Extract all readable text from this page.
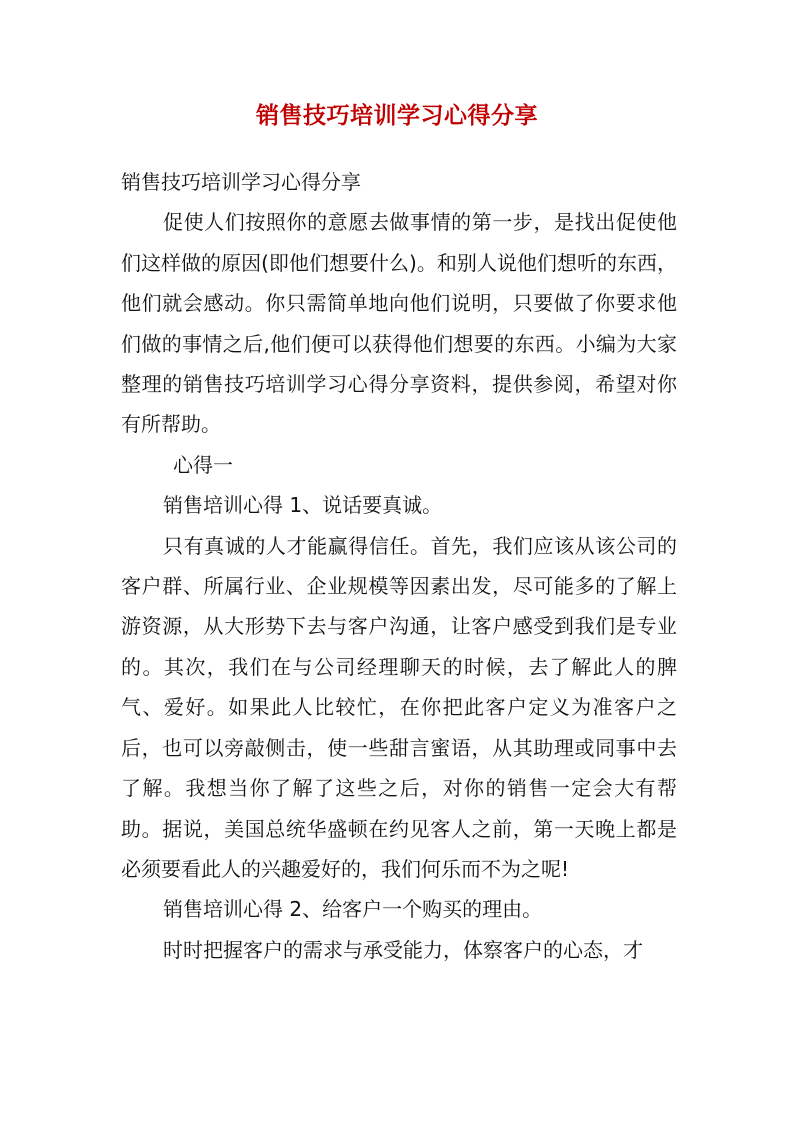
销售技巧培训学习心得分享

销售技巧培训学习心得分享

促使人们按照你的意愿去做事情的第一步，是找出促使他们这样做的原因(即他们想要什么)。和别人说他们想听的东西，他们就会感动。你只需简单地向他们说明，只要做了你要求他们做的事情之后,他们便可以获得他们想要的东西。小编为大家整理的销售技巧培训学习心得分享资料，提供参阅，希望对你有所帮助。

心得一

销售培训心得 1、说话要真诚。

只有真诚的人才能赢得信任。首先，我们应该从该公司的客户群、所属行业、企业规模等因素出发，尽可能多的了解上游资源，从大形势下去与客户沟通，让客户感受到我们是专业的。其次，我们在与公司经理聊天的时候，去了解此人的脾气、爱好。如果此人比较忙，在你把此客户定义为准客户之后，也可以旁敲侧击，使一些甜言蜜语，从其助理或同事中去了解。我想当你了解了这些之后，对你的销售一定会大有帮助。据说，美国总统华盛顿在约见客人之前，第一天晚上都是必须要看此人的兴趣爱好的，我们何乐而不为之呢!

销售培训心得 2、给客户一个购买的理由。

时时把握客户的需求与承受能力，体察客户的心态，才
